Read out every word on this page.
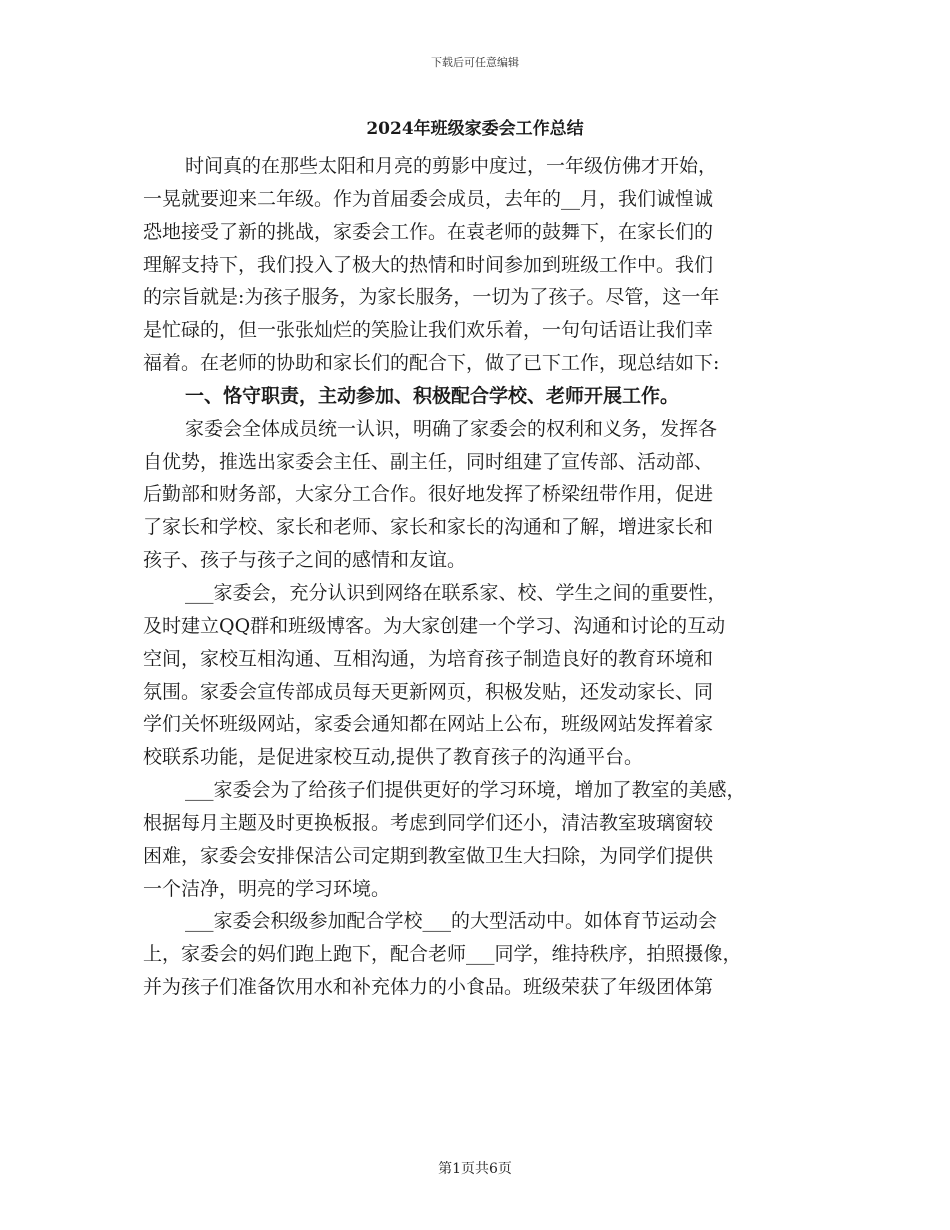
下载后可任意编辑
2024年班级家委会工作总结
时间真的在那些太阳和月亮的剪影中度过，一年级仿佛才开始，
一晃就要迎来二年级。作为首届委会成员，去年的__月，我们诚惶诚
恐地接受了新的挑战，家委会工作。在袁老师的鼓舞下，在家长们的
理解支持下，我们投入了极大的热情和时间参加到班级工作中。我们
的宗旨就是:为孩子服务，为家长服务，一切为了孩子。尽管，这一年
是忙碌的，但一张张灿烂的笑脸让我们欢乐着，一句句话语让我们幸
福着。在老师的协助和家长们的配合下，做了已下工作，现总结如下:
一、恪守职责，主动参加、积极配合学校、老师开展工作。
家委会全体成员统一认识，明确了家委会的权利和义务，发挥各
自优势，推选出家委会主任、副主任，同时组建了宣传部、活动部、
后勤部和财务部，大家分工合作。很好地发挥了桥梁纽带作用，促进
了家长和学校、家长和老师、家长和家长的沟通和了解，增进家长和
孩子、孩子与孩子之间的感情和友谊。
___家委会，充分认识到网络在联系家、校、学生之间的重要性，
及时建立QQ群和班级博客。为大家创建一个学习、沟通和讨论的互动
空间，家校互相沟通、互相沟通，为培育孩子制造良好的教育环境和
氛围。家委会宣传部成员每天更新网页，积极发贴，还发动家长、同
学们关怀班级网站，家委会通知都在网站上公布，班级网站发挥着家
校联系功能，是促进家校互动,提供了教育孩子的沟通平台。
___家委会为了给孩子们提供更好的学习环境，增加了教室的美感，
根据每月主题及时更换板报。考虑到同学们还小，清洁教室玻璃窗较
困难，家委会安排保洁公司定期到教室做卫生大扫除，为同学们提供
一个洁净，明亮的学习环境。
___家委会积级参加配合学校___的大型活动中。如体育节运动会
上，家委会的妈们跑上跑下，配合老师___同学，维持秩序，拍照摄像，
并为孩子们准备饮用水和补充体力的小食品。班级荣获了年级团体第
第1页共6页
